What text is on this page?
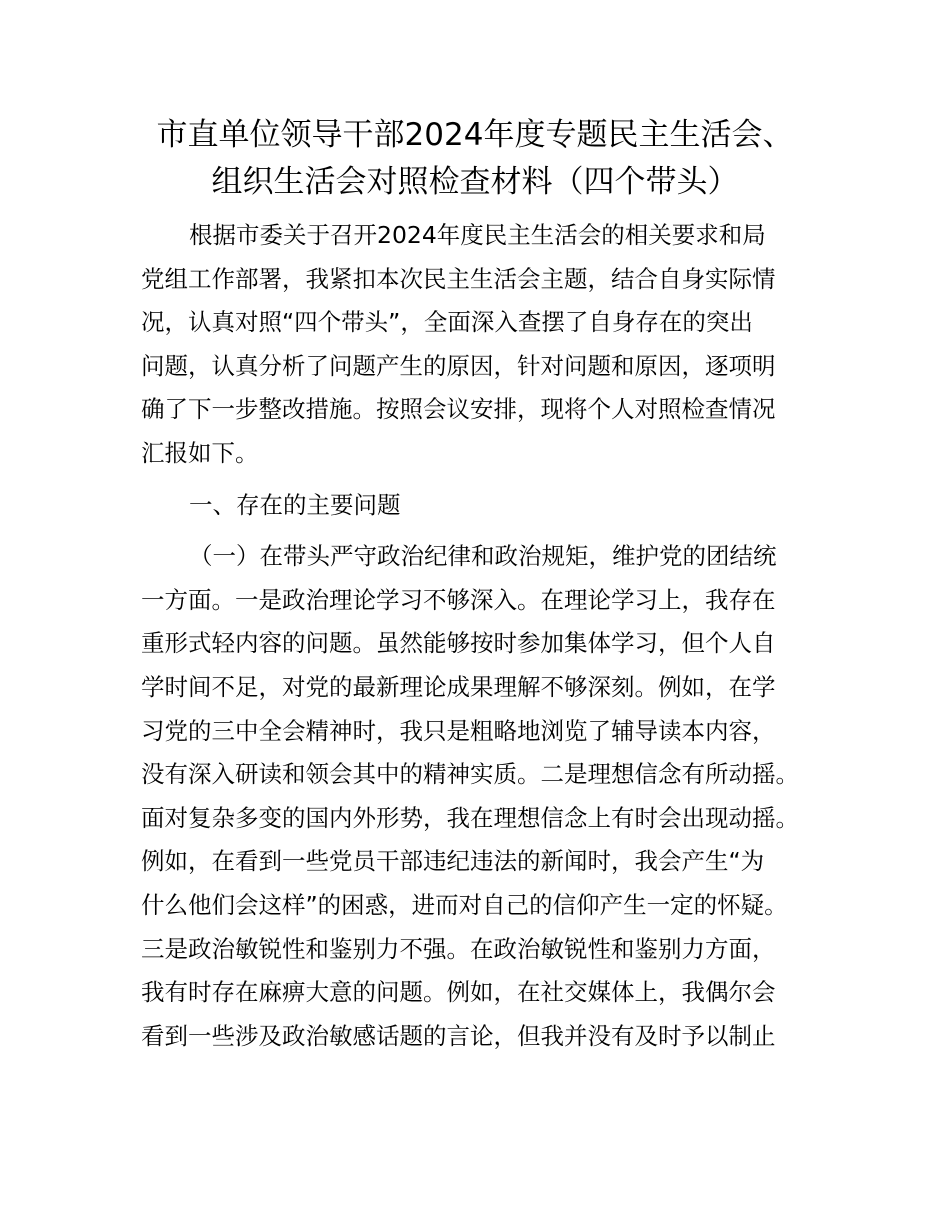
市直单位领导干部2024年度专题民主生活会、
组织生活会对照检查材料（四个带头）
根据市委关于召开2024年度民主生活会的相关要求和局
党组工作部署，我紧扣本次民主生活会主题，结合自身实际情
况，认真对照“四个带头”，全面深入查摆了自身存在的突出
问题，认真分析了问题产生的原因，针对问题和原因，逐项明
确了下一步整改措施。按照会议安排，现将个人对照检查情况
汇报如下。
一、存在的主要问题
（一）在带头严守政治纪律和政治规矩，维护党的团结统
一方面。一是政治理论学习不够深入。在理论学习上，我存在
重形式轻内容的问题。虽然能够按时参加集体学习，但个人自
学时间不足，对党的最新理论成果理解不够深刻。例如，在学
习党的三中全会精神时，我只是粗略地浏览了辅导读本内容，
没有深入研读和领会其中的精神实质。二是理想信念有所动摇。
面对复杂多变的国内外形势，我在理想信念上有时会出现动摇。
例如，在看到一些党员干部违纪违法的新闻时，我会产生“为
什么他们会这样”的困惑，进而对自己的信仰产生一定的怀疑。
三是政治敏锐性和鉴别力不强。在政治敏锐性和鉴别力方面，
我有时存在麻痹大意的问题。例如，在社交媒体上，我偶尔会
看到一些涉及政治敏感话题的言论，但我并没有及时予以制止
